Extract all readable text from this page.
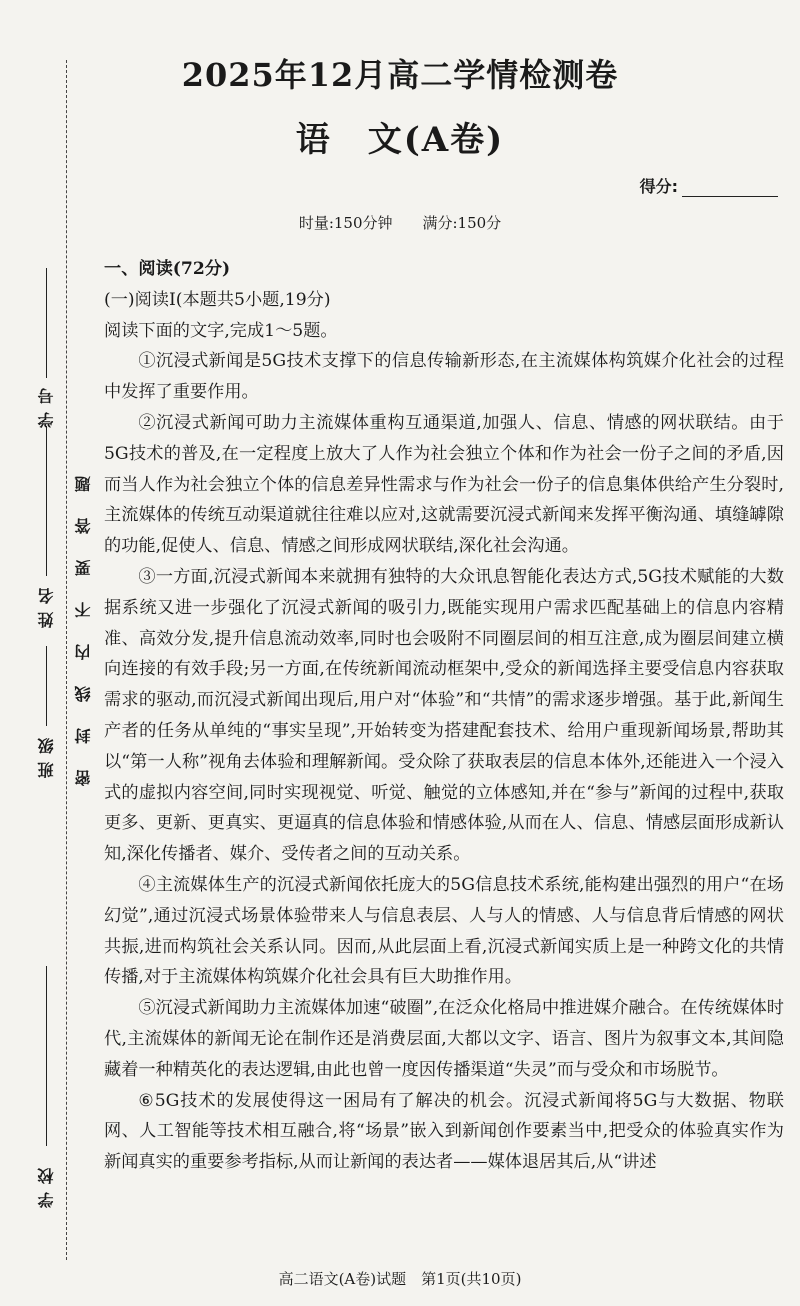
学校
班级
姓名
学号
密封线内不要答题
2025年12月高二学情检测卷
语　文(A卷)
得分:
时量:150分钟 满分:150分

一、阅读(72分)

(一)阅读Ⅰ(本题共5小题,19分)

阅读下面的文字,完成1～5题。

①沉浸式新闻是5G技术支撑下的信息传输新形态,在主流媒体构筑媒介化社会的过程中发挥了重要作用。

②沉浸式新闻可助力主流媒体重构互通渠道,加强人、信息、情感的网状联结。由于5G技术的普及,在一定程度上放大了人作为社会独立个体和作为社会一份子之间的矛盾,因而当人作为社会独立个体的信息差异性需求与作为社会一份子的信息集体供给产生分裂时,主流媒体的传统互动渠道就往往难以应对,这就需要沉浸式新闻来发挥平衡沟通、填缝罅隙的功能,促使人、信息、情感之间形成网状联结,深化社会沟通。

③一方面,沉浸式新闻本来就拥有独特的大众讯息智能化表达方式,5G技术赋能的大数据系统又进一步强化了沉浸式新闻的吸引力,既能实现用户需求匹配基础上的信息内容精准、高效分发,提升信息流动效率,同时也会吸附不同圈层间的相互注意,成为圈层间建立横向连接的有效手段;另一方面,在传统新闻流动框架中,受众的新闻选择主要受信息内容获取需求的驱动,而沉浸式新闻出现后,用户对“体验”和“共情”的需求逐步增强。基于此,新闻生产者的任务从单纯的“事实呈现”,开始转变为搭建配套技术、给用户重现新闻场景,帮助其以“第一人称”视角去体验和理解新闻。受众除了获取表层的信息本体外,还能进入一个浸入式的虚拟内容空间,同时实现视觉、听觉、触觉的立体感知,并在“参与”新闻的过程中,获取更多、更新、更真实、更逼真的信息体验和情感体验,从而在人、信息、情感层面形成新认知,深化传播者、媒介、受传者之间的互动关系。

④主流媒体生产的沉浸式新闻依托庞大的5G信息技术系统,能构建出强烈的用户“在场幻觉”,通过沉浸式场景体验带来人与信息表层、人与人的情感、人与信息背后情感的网状共振,进而构筑社会关系认同。因而,从此层面上看,沉浸式新闻实质上是一种跨文化的共情传播,对于主流媒体构筑媒介化社会具有巨大助推作用。

⑤沉浸式新闻助力主流媒体加速“破圈”,在泛众化格局中推进媒介融合。在传统媒体时代,主流媒体的新闻无论在制作还是消费层面,大都以文字、语言、图片为叙事文本,其间隐藏着一种精英化的表达逻辑,由此也曾一度因传播渠道“失灵”而与受众和市场脱节。

⑥5G技术的发展使得这一困局有了解决的机会。沉浸式新闻将5G与大数据、物联网、人工智能等技术相互融合,将“场景”嵌入到新闻创作要素当中,把受众的体验真实作为新闻真实的重要参考指标,从而让新闻的表达者——媒体退居其后,从“讲述

高二语文(A卷)试题　第1页(共10页)
